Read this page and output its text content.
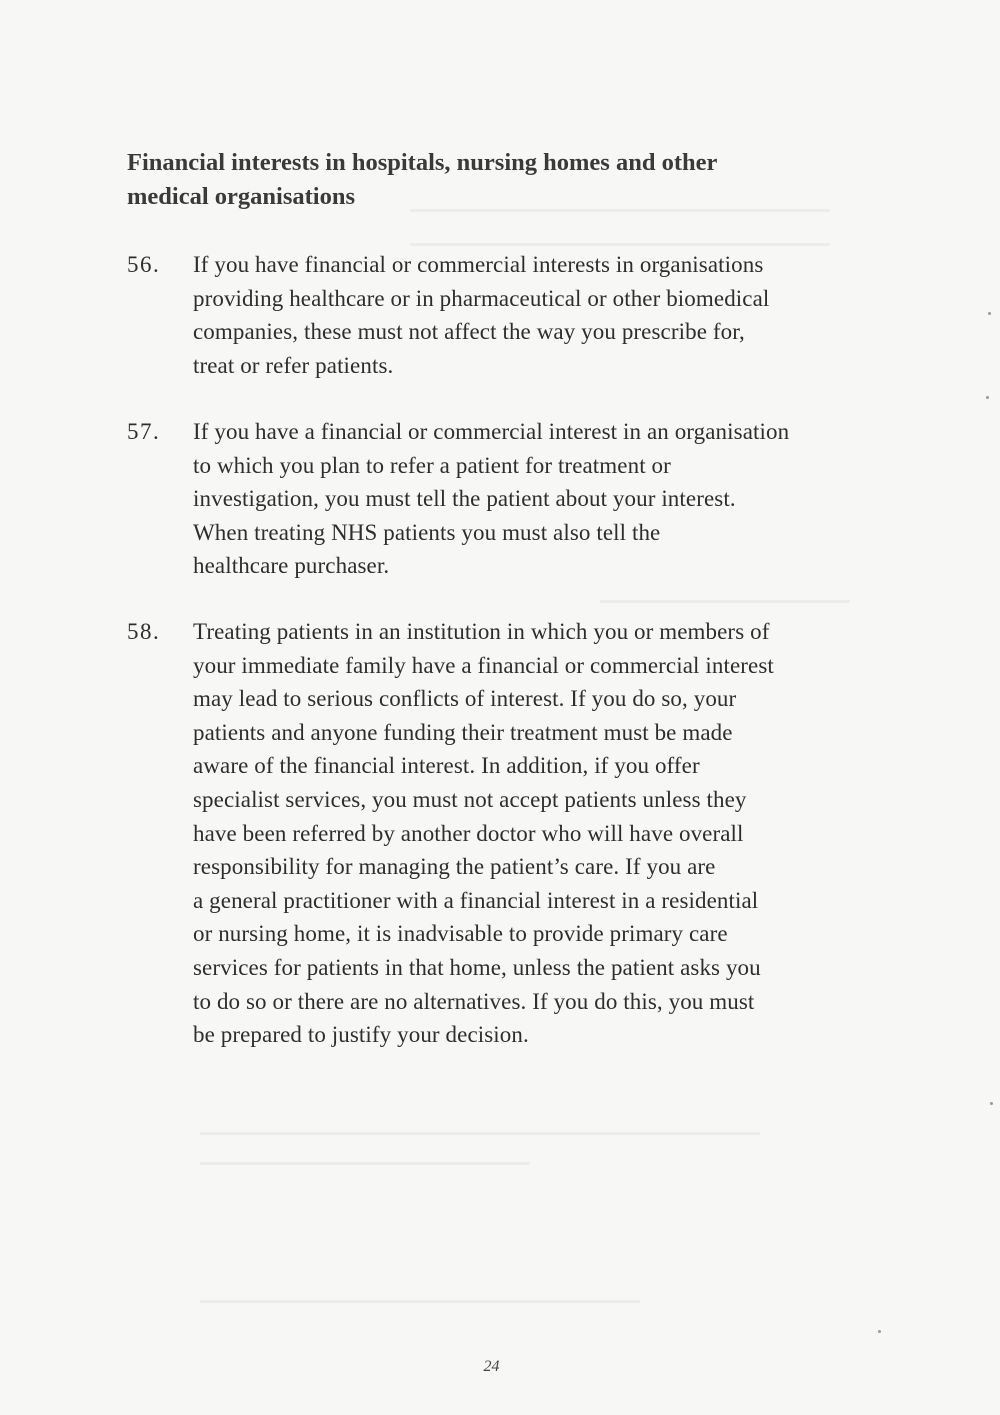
Financial interests in hospitals, nursing homes and other
medical organisations
56.	If you have financial or commercial interests in organisations
providing healthcare or in pharmaceutical or other biomedical
companies, these must not affect the way you prescribe for,
treat or refer patients.
57.	If you have a financial or commercial interest in an organisation
to which you plan to refer a patient for treatment or
investigation, you must tell the patient about your interest.
When treating NHS patients you must also tell the
healthcare purchaser.
58.	Treating patients in an institution in which you or members of
your immediate family have a financial or commercial interest
may lead to serious conflicts of interest. If you do so, your
patients and anyone funding their treatment must be made
aware of the financial interest. In addition, if you offer
specialist services, you must not accept patients unless they
have been referred by another doctor who will have overall
responsibility for managing the patient’s care. If you are
a general practitioner with a financial interest in a residential
or nursing home, it is inadvisable to provide primary care
services for patients in that home, unless the patient asks you
to do so or there are no alternatives. If you do this, you must
be prepared to justify your decision.
24
